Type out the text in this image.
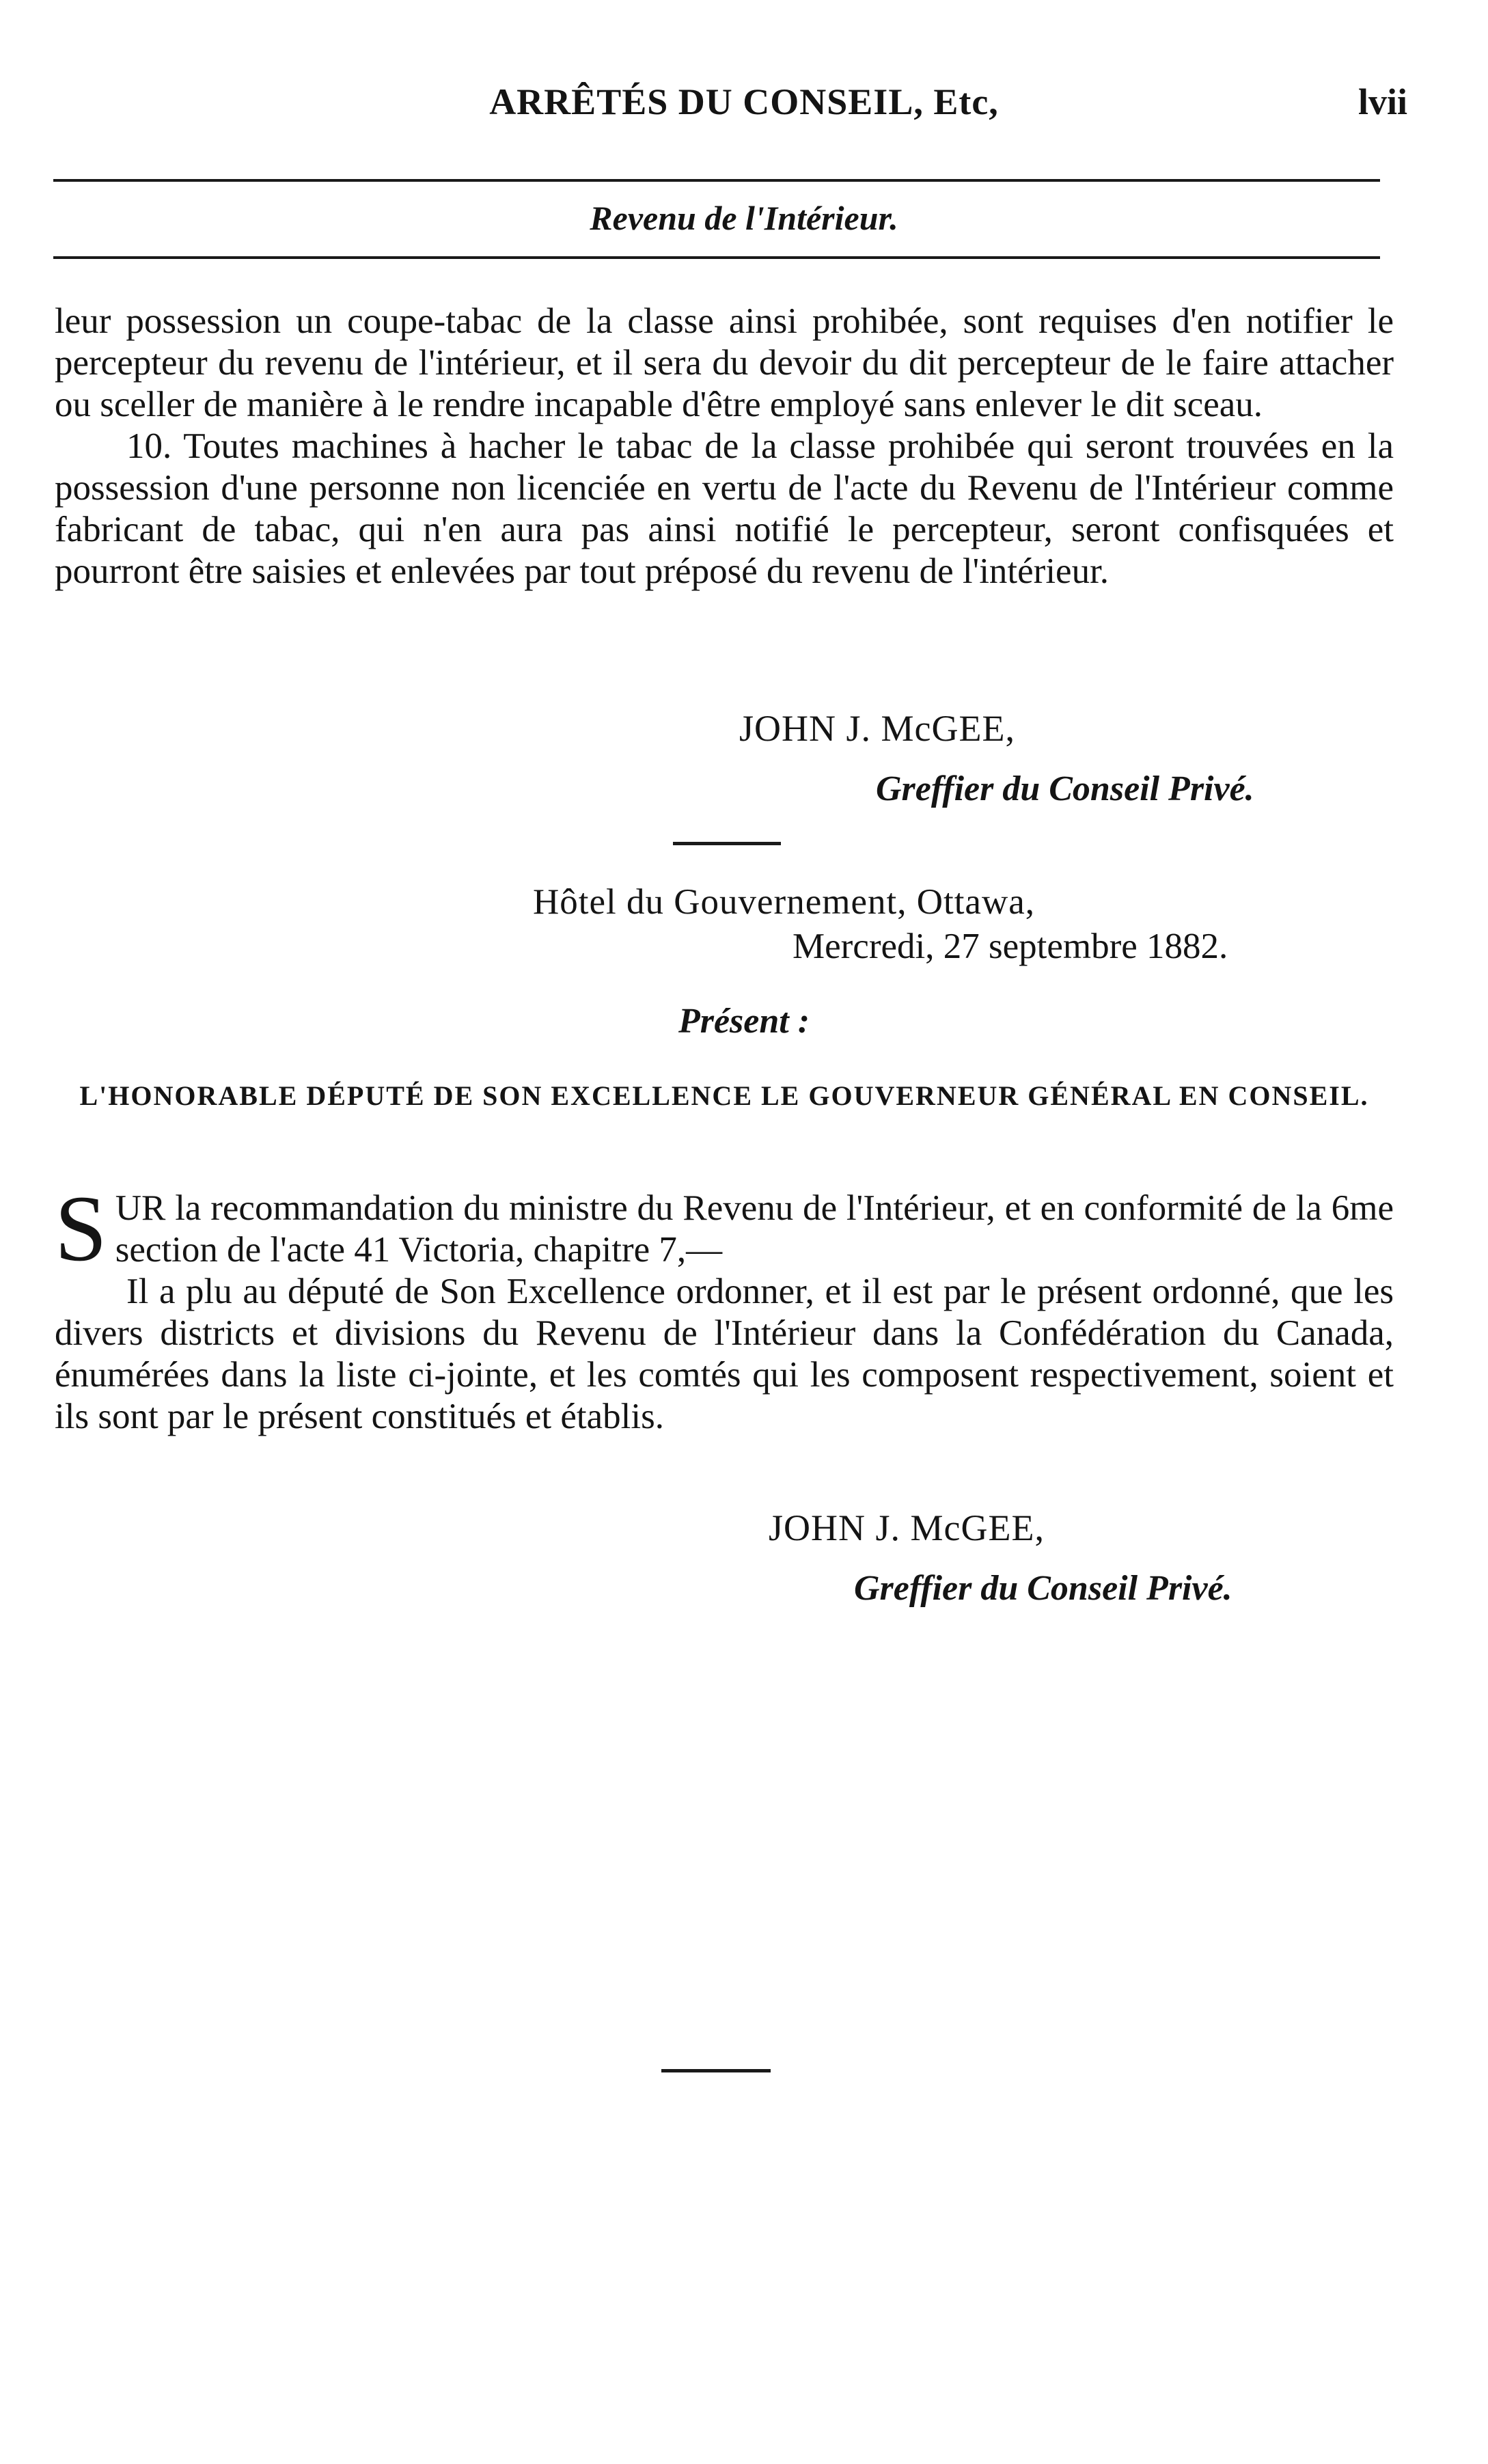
ARRÊTÉS DU CONSEIL, Etc,	lvii
Revenu de l'Intérieur.

leur possession un coupe-tabac de la classe ainsi prohibée, sont requises d'en notifier le percepteur du revenu de l'intérieur, et il sera du devoir du dit percepteur de le faire attacher ou sceller de manière à le rendre incapable d'être employé sans enlever le dit sceau.

10. Toutes machines à hacher le tabac de la classe prohibée qui seront trouvées en la possession d'une personne non licenciée en vertu de l'acte du Revenu de l'Intérieur comme fabricant de tabac, qui n'en aura pas ainsi notifié le percepteur, seront confisquées et pourront être saisies et enlevées par tout préposé du revenu de l'intérieur.

JOHN J. McGEE,
Greffier du Conseil Privé.
Hôtel du Gouvernement, Ottawa,
Mercredi, 27 septembre 1882.
Présent :
L'HONORABLE DÉPUTÉ DE SON EXCELLENCE LE GOUVERNEUR GÉNÉRAL EN CONSEIL.

S UR la recommandation du ministre du Revenu de l'Intérieur, et en conformité de la 6me section de l'acte 41 Victoria, chapitre 7,—

Il a plu au député de Son Excellence ordonner, et il est par le présent ordonné, que les divers districts et divisions du Revenu de l'Intérieur dans la Confédération du Canada, énumérées dans la liste ci-jointe, et les comtés qui les composent respectivement, soient et ils sont par le présent constitués et établis.

JOHN J. McGEE,
Greffier du Conseil Privé.
